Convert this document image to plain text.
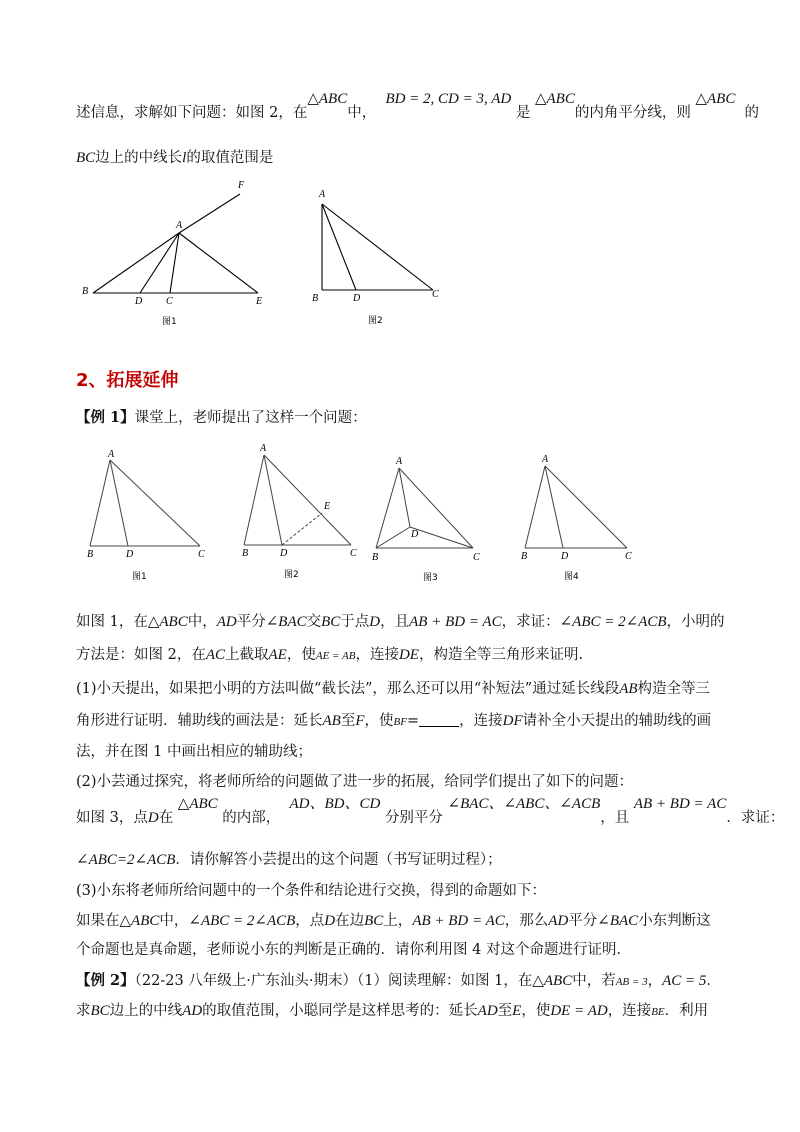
述信息，求解如下问题：如图 2，在△ABC中，  BD = 2, CD = 3, AD 是 △ABC的内角平分线，则 △ABC  的
BC边上的中线长l的取值范围是
F
A
B
D C	E
图1
A
B	D	C
图2
2、拓展延伸
【例 1】课堂上，老师提出了这样一个问题：
A
B	D	C
图1
A
B	D	C
E
图2
A
B
D
C
图3
A
B	D	C
图4
如图 1，在△ABC中，AD平分∠BAC交BC于点D，且AB + BD = AC，求证：∠ABC = 2∠ACB，小明的
方法是：如图 2，在AC上截取AE，使AE = AB，连接DE，构造全等三角形来证明.
(1)小天提出，如果把小明的方法叫做“截长法”，那么还可以用“补短法”通过延长线段AB构造全等三
角形进行证明．辅助线的画法是：延长AB至F，使BF=	，连接DF请补全小天提出的辅助线的画
法，并在图 1 中画出相应的辅助线；
(2)小芸通过探究，将老师所给的问题做了进一步的拓展，给同学们提出了如下的问题：
如图 3，点D在 △ABC 的内部，  AD、BD、CD 分别平分 ∠BAC、∠ABC、∠ACB，且 AB + BD = AC．求证：
∠ABC=2∠ACB．请你解答小芸提出的这个问题（书写证明过程）；
(3)小东将老师所给问题中的一个条件和结论进行交换，得到的命题如下：
如果在△ABC中，∠ABC = 2∠ACB，点D在边BC上，AB + BD = AC，那么AD平分∠BAC小东判断这
个命题也是真命题，老师说小东的判断是正确的．请你利用图 4 对这个命题进行证明．
【例 2】（22-23 八年级上·广东汕头·期末）（1）阅读理解：如图 1，在△ABC中，若AB = 3，AC = 5．
求BC边上的中线AD的取值范围，小聪同学是这样思考的：延长AD至E，使DE = AD，连接BE．利用
